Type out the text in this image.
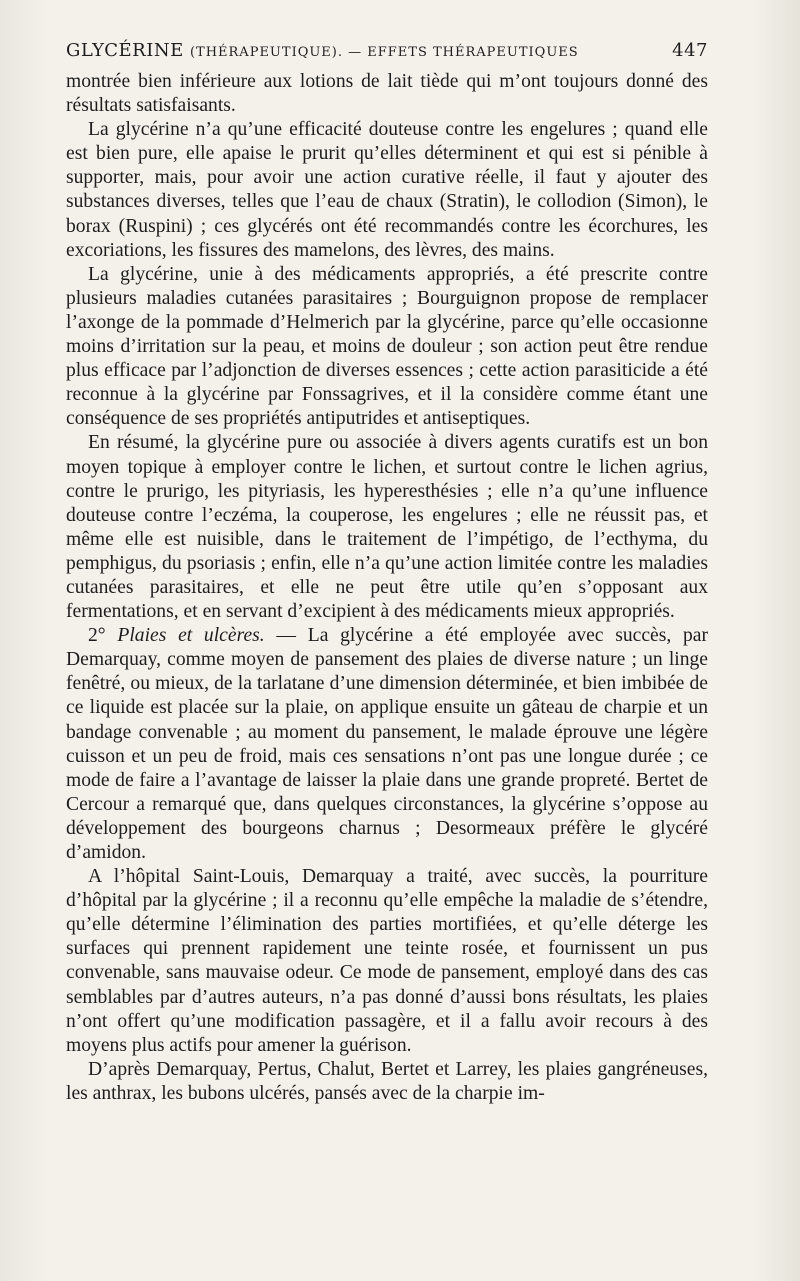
GLYCÉRINE (THÉRAPEUTIQUE). — EFFETS THÉRAPEUTIQUES	447

montrée bien inférieure aux lotions de lait tiède qui m’ont toujours donné des résultats satisfaisants.

La glycérine n’a qu’une efficacité douteuse contre les engelures ; quand elle est bien pure, elle apaise le prurit qu’elles déterminent et qui est si pénible à supporter, mais, pour avoir une action curative réelle, il faut y ajouter des substances diverses, telles que l’eau de chaux (Stratin), le collodion (Simon), le borax (Ruspini) ; ces glycérés ont été recommandés contre les écorchures, les excoriations, les fissures des mamelons, des lèvres, des mains.

La glycérine, unie à des médicaments appropriés, a été prescrite contre plusieurs maladies cutanées parasitaires ; Bourguignon propose de remplacer l’axonge de la pommade d’Helmerich par la glycérine, parce qu’elle occasionne moins d’irritation sur la peau, et moins de douleur ; son action peut être rendue plus efficace par l’adjonction de diverses essences ; cette action parasiticide a été reconnue à la glycérine par Fonssagrives, et il la considère comme étant une conséquence de ses propriétés antiputrides et antiseptiques.

En résumé, la glycérine pure ou associée à divers agents curatifs est un bon moyen topique à employer contre le lichen, et surtout contre le lichen agrius, contre le prurigo, les pityriasis, les hyperesthésies ; elle n’a qu’une influence douteuse contre l’eczéma, la couperose, les engelures ; elle ne réussit pas, et même elle est nuisible, dans le traitement de l’impétigo, de l’ecthyma, du pemphigus, du psoriasis ; enfin, elle n’a qu’une action limitée contre les maladies cutanées parasitaires, et elle ne peut être utile qu’en s’opposant aux fermentations, et en servant d’excipient à des médicaments mieux appropriés.

2° Plaies et ulcères. — La glycérine a été employée avec succès, par Demarquay, comme moyen de pansement des plaies de diverse nature ; un linge fenêtré, ou mieux, de la tarlatane d’une dimension déterminée, et bien imbibée de ce liquide est placée sur la plaie, on applique ensuite un gâteau de charpie et un bandage convenable ; au moment du pansement, le malade éprouve une légère cuisson et un peu de froid, mais ces sensations n’ont pas une longue durée ; ce mode de faire a l’avantage de laisser la plaie dans une grande propreté. Bertet de Cercour a remarqué que, dans quelques circonstances, la glycérine s’oppose au développement des bourgeons charnus ; Desormeaux préfère le glycéré d’amidon.

A l’hôpital Saint-Louis, Demarquay a traité, avec succès, la pourriture d’hôpital par la glycérine ; il a reconnu qu’elle empêche la maladie de s’étendre, qu’elle détermine l’élimination des parties mortifiées, et qu’elle déterge les surfaces qui prennent rapidement une teinte rosée, et fournissent un pus convenable, sans mauvaise odeur. Ce mode de pansement, employé dans des cas semblables par d’autres auteurs, n’a pas donné d’aussi bons résultats, les plaies n’ont offert qu’une modification passagère, et il a fallu avoir recours à des moyens plus actifs pour amener la guérison.

D’après Demarquay, Pertus, Chalut, Bertet et Larrey, les plaies gangréneuses, les anthrax, les bubons ulcérés, pansés avec de la charpie im-
